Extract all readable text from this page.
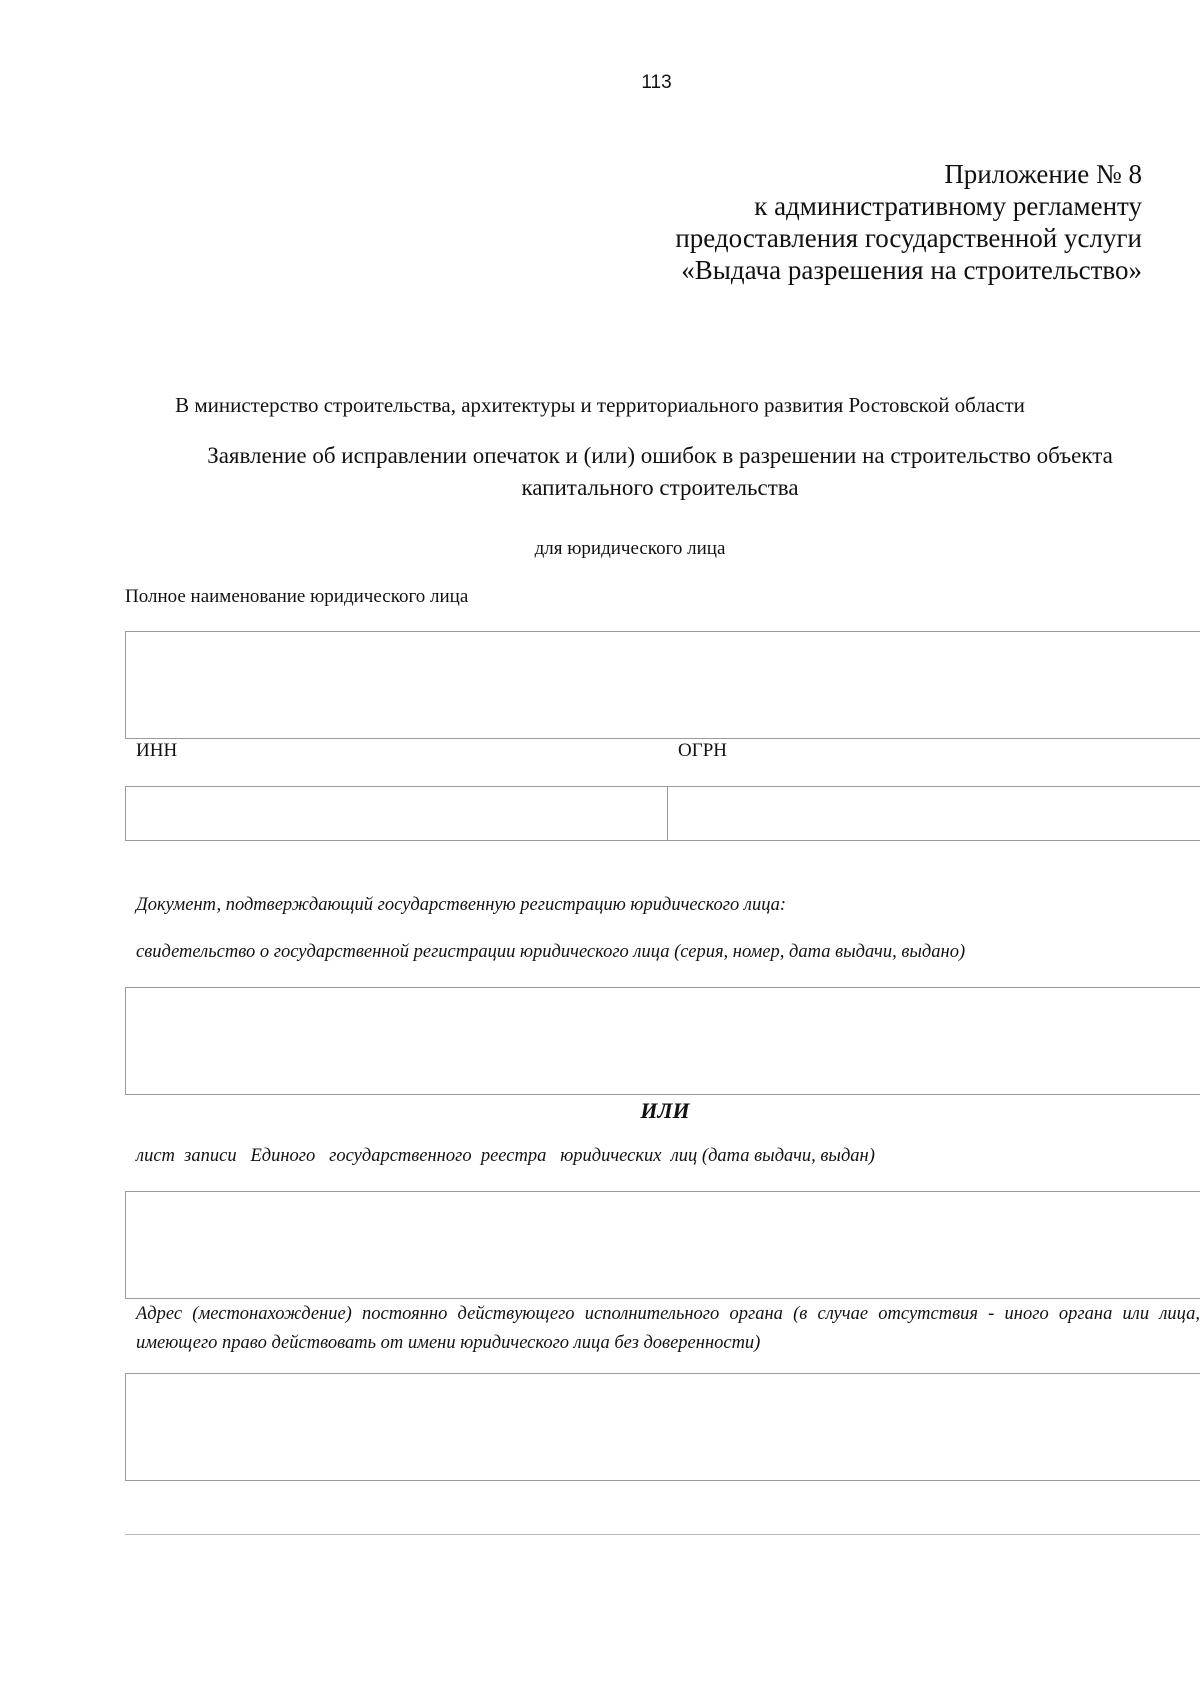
113
Приложение № 8
к административному регламенту
предоставления государственной услуги
«Выдача разрешения на строительство»
В министерство строительства, архитектуры и территориального развития Ростовской области
Заявление об исправлении опечаток и (или) ошибок в разрешении на строительство объекта
капитального строительства
для юридического лица
Полное наименование юридического лица
ИНН	ОГРН
Документ, подтверждающий государственную регистрацию юридического лица:
свидетельство о государственной регистрации юридического лица (серия, номер, дата выдачи, выдано)
ИЛИ
лист  записи   Единого   государственного  реестра   юридических  лиц (дата выдачи, выдан)
Адрес (местонахождение) постоянно действующего исполнительного органа (в случае отсутствия - иного органа или лица, имеющего право действовать от имени юридического лица без доверенности)
